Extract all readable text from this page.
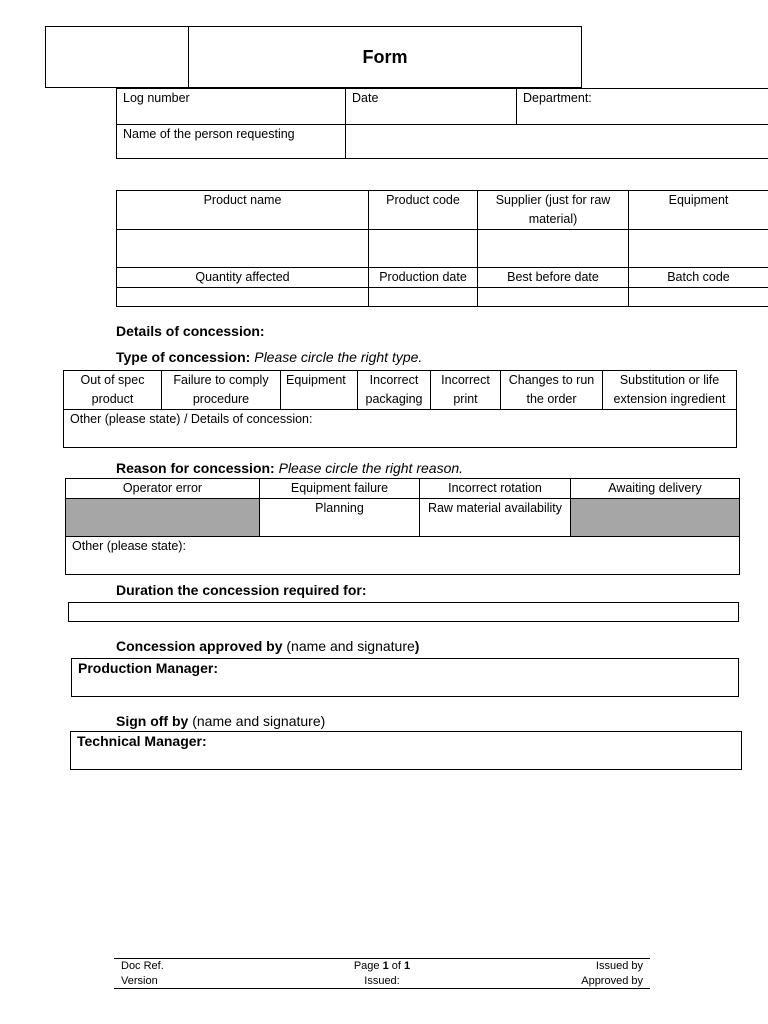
Form
Log number	Date	Department:
Name of the person requesting		
Product name	Product code	Supplier (just for raw material)	Equipment

Quantity affected	Production date	Best before date	Batch code

Details of concession:
Type of concession: Please circle the right type.
Out of spec product	Failure to comply procedure	Equipment	Incorrect packaging	Incorrect print	Changes to run the order	Substitution or life extension ingredient
Other (please state) / Details of concession:
Reason for concession: Please circle the right reason.
Operator error	Equipment failure	Incorrect rotation	Awaiting delivery
	Planning	Raw material availability	
Other (please state):			
Duration the concession required for:
Concession approved by (name and signature)
Production Manager:
Sign off by (name and signature)
Technical Manager:
Doc Ref.	Page 1 of 1	Issued by
Version	Issued:	Approved by
